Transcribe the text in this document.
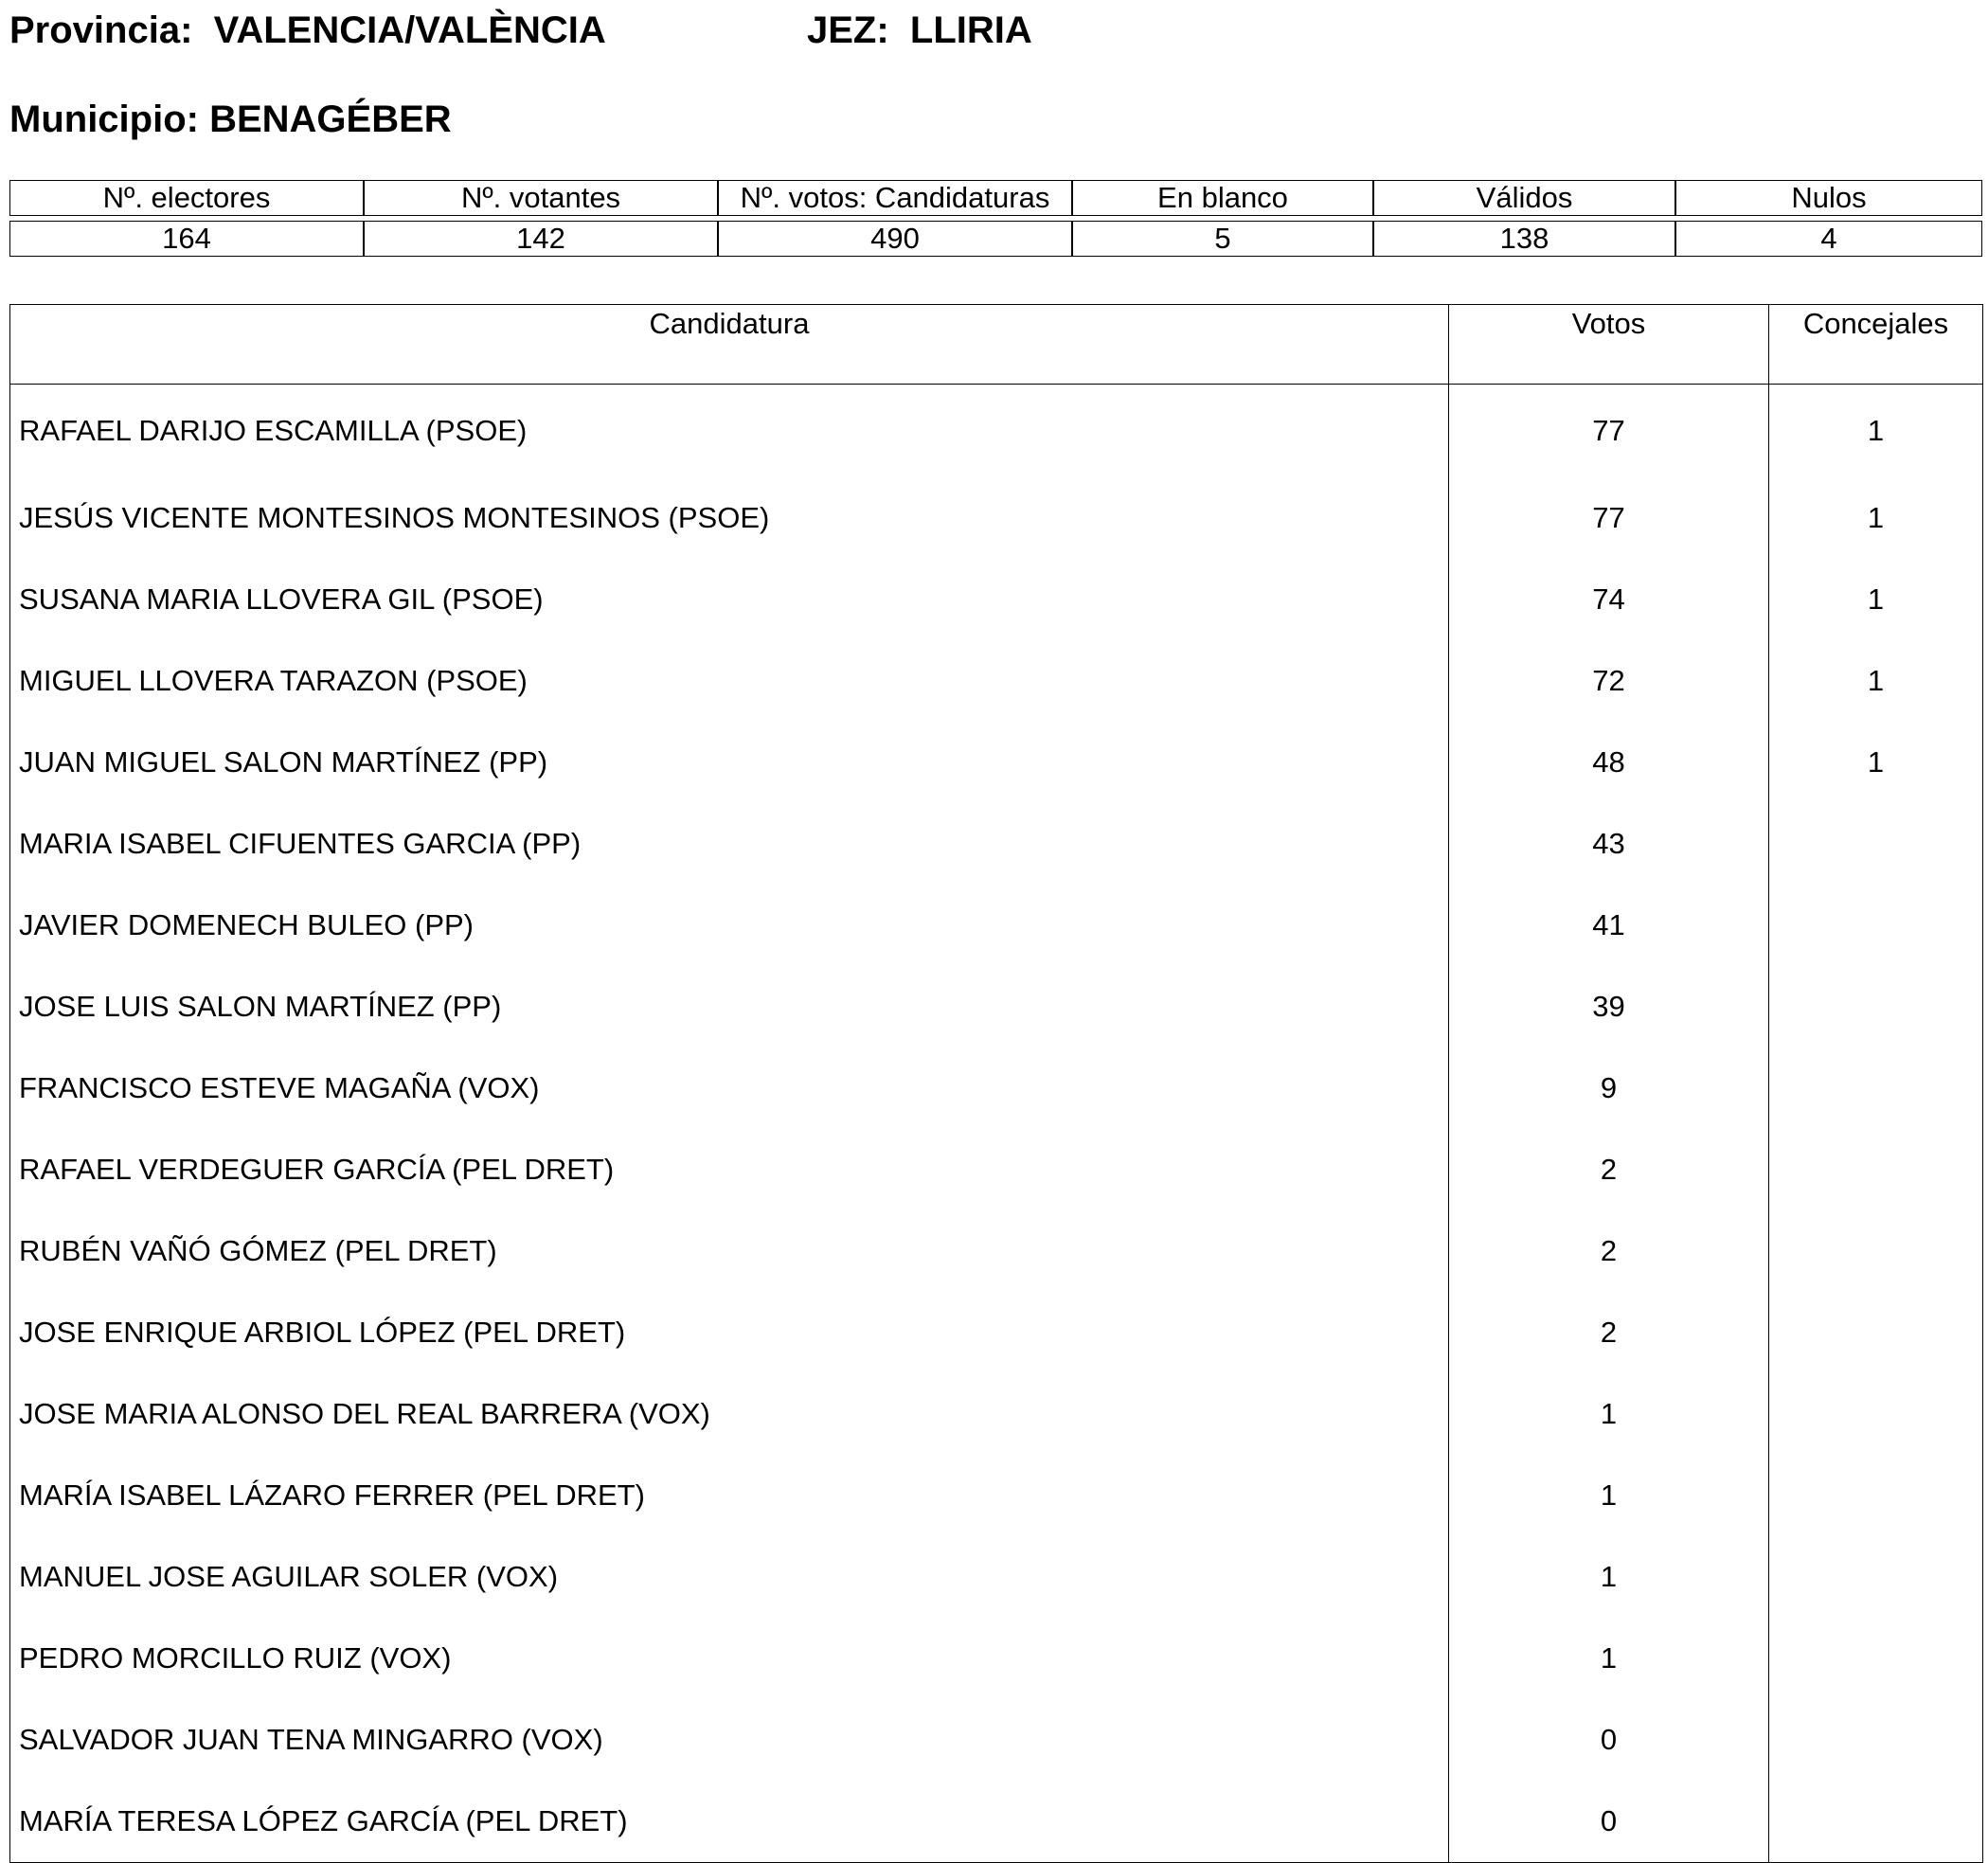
Provincia: VALENCIA/VALÈNCIA	JEZ: LLIRIA
Municipio: BENAGÉBER
Nº. electores	Nº. votantes	Nº. votos: Candidaturas	En blanco	Válidos	Nulos

164	142	490	5	138	4
Candidatura	Votos	Concejales
RAFAEL DARIJO ESCAMILLA (PSOE)	77	1
JESÚS VICENTE MONTESINOS MONTESINOS (PSOE)	77	1
SUSANA MARIA LLOVERA GIL (PSOE)	74	1
MIGUEL LLOVERA TARAZON (PSOE)	72	1
JUAN MIGUEL SALON MARTÍNEZ (PP)	48	1
MARIA ISABEL CIFUENTES GARCIA (PP)	43	
JAVIER DOMENECH BULEO (PP)	41	
JOSE LUIS SALON MARTÍNEZ (PP)	39	
FRANCISCO ESTEVE MAGAÑA (VOX)	9	
RAFAEL VERDEGUER GARCÍA (PEL DRET)	2	
RUBÉN VAÑÓ GÓMEZ (PEL DRET)	2	
JOSE ENRIQUE ARBIOL LÓPEZ (PEL DRET)	2	
JOSE MARIA ALONSO DEL REAL BARRERA (VOX)	1	
MARÍA ISABEL LÁZARO FERRER (PEL DRET)	1	
MANUEL JOSE AGUILAR SOLER (VOX)	1	
PEDRO MORCILLO RUIZ (VOX)	1	
SALVADOR JUAN TENA MINGARRO (VOX)	0	
MARÍA TERESA LÓPEZ GARCÍA (PEL DRET)	0	
